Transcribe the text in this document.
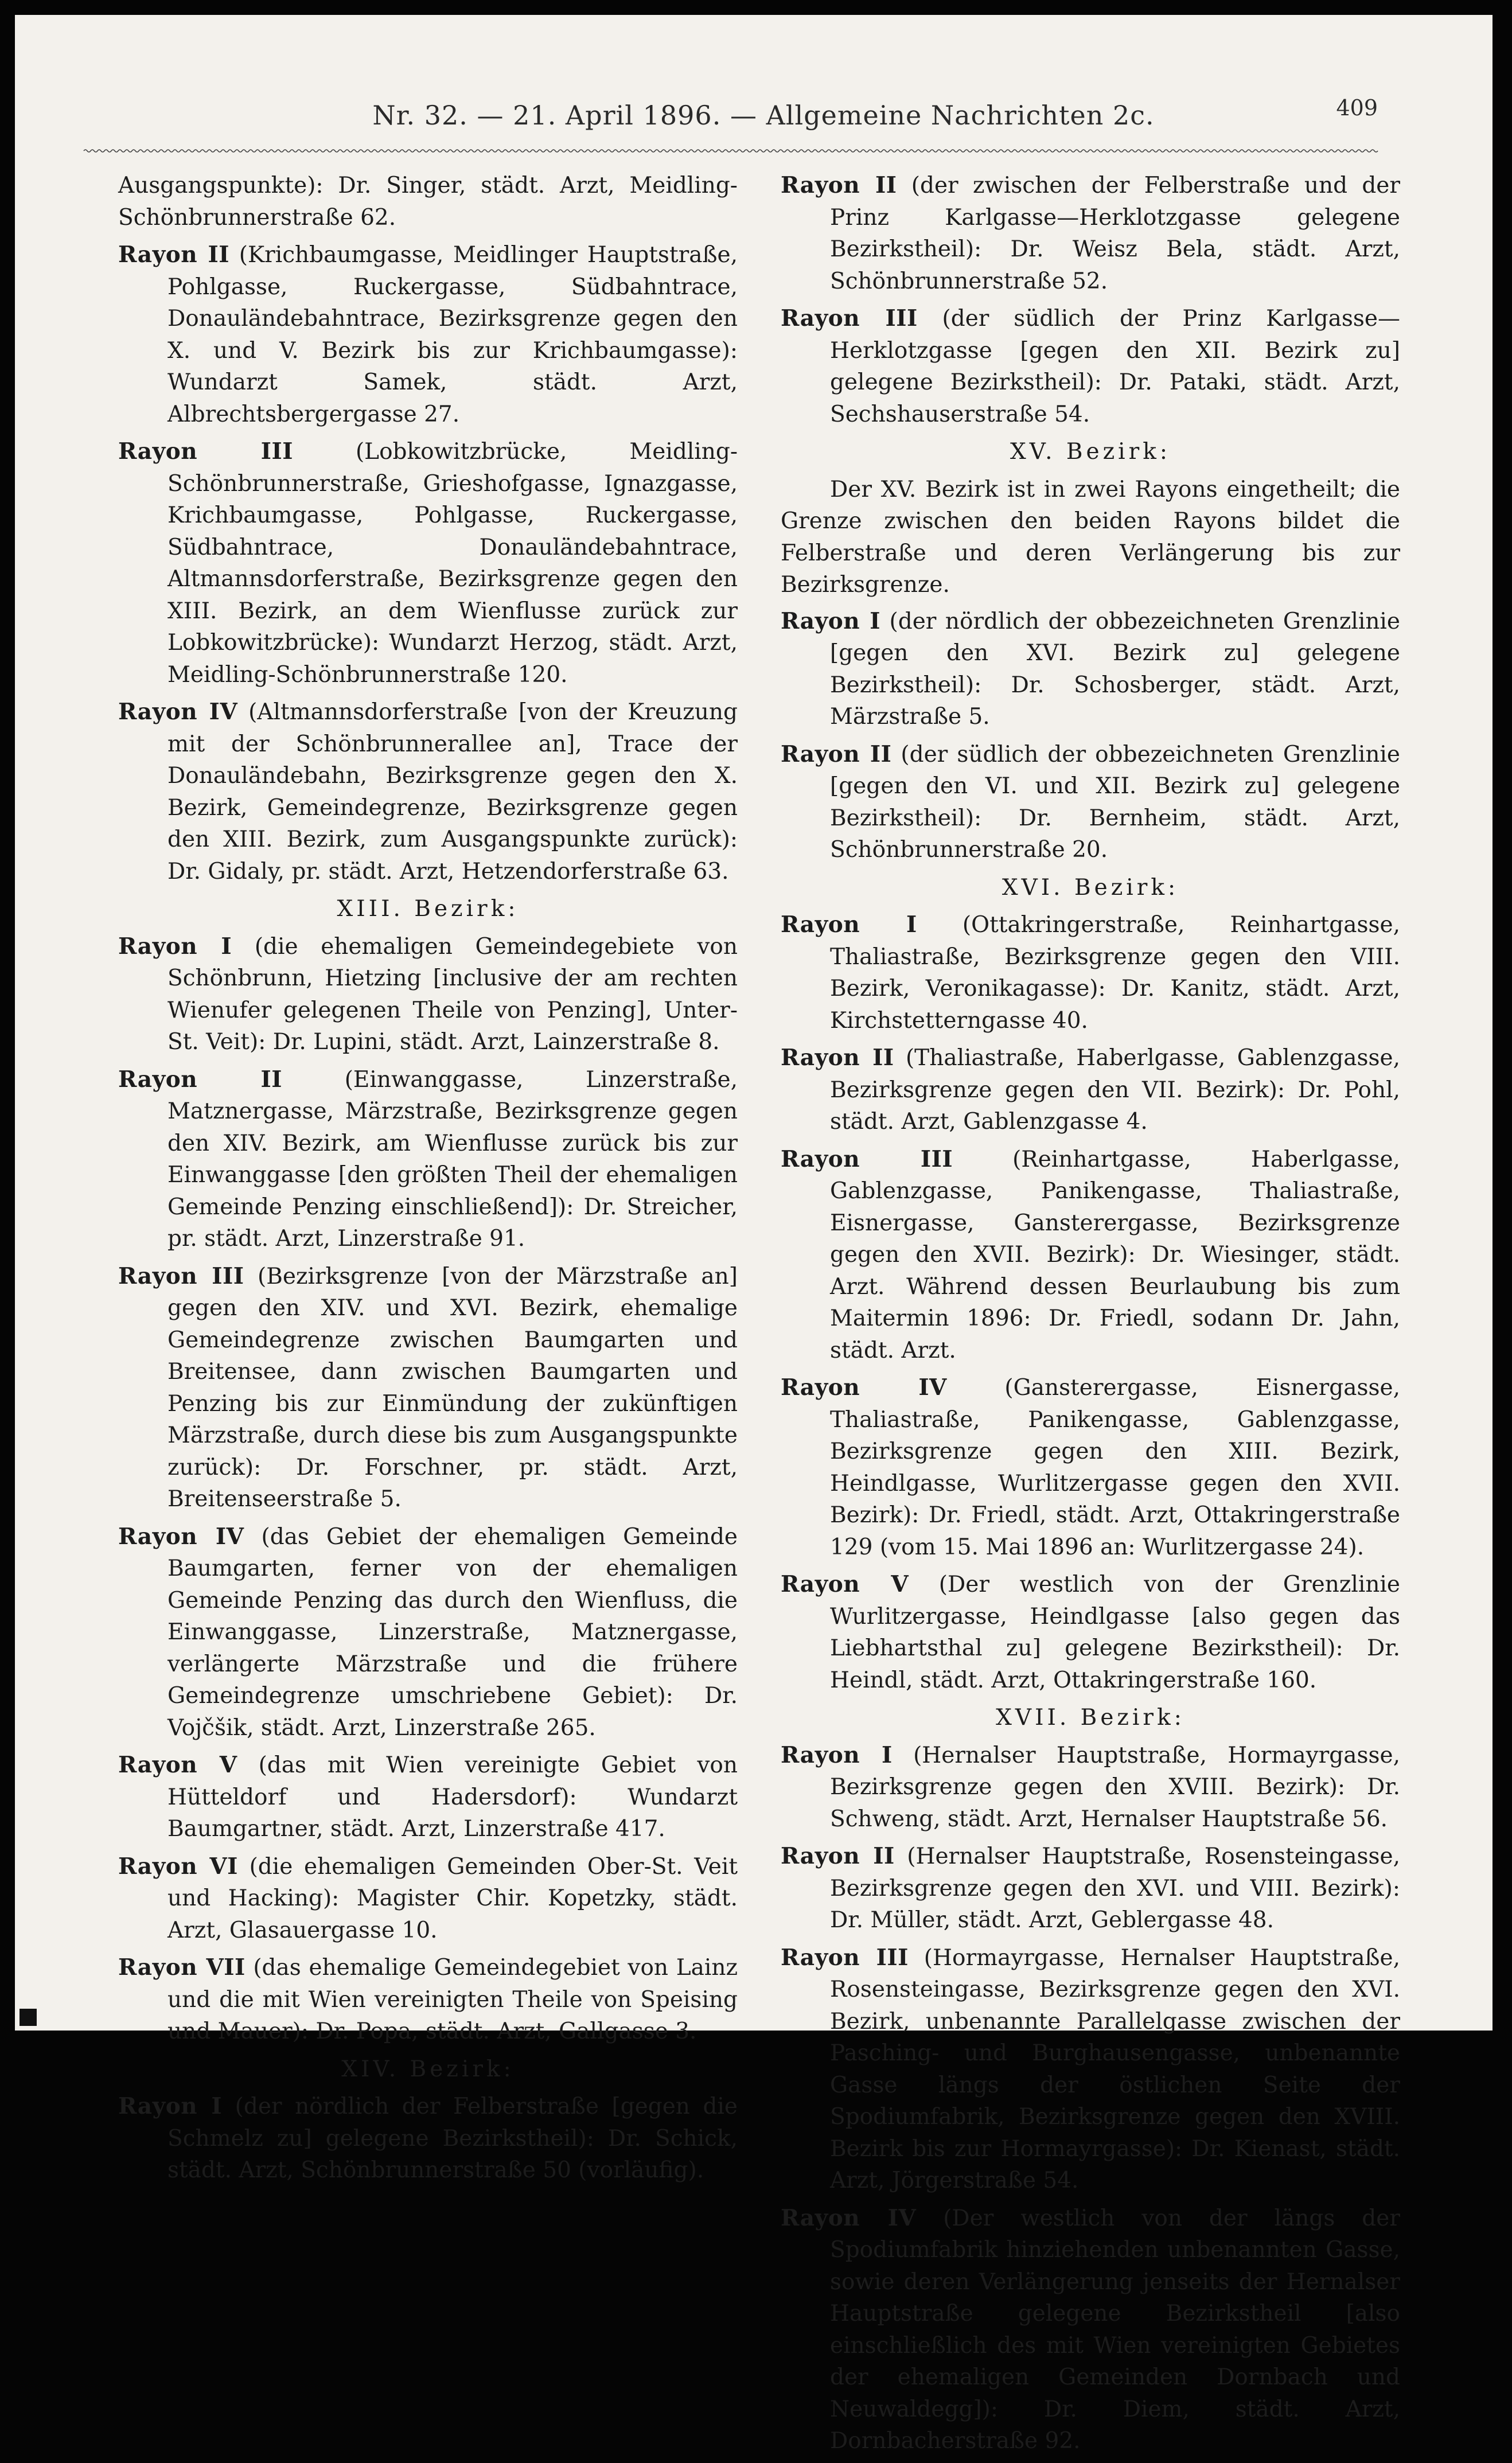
Nr. 32. — 21. April 1896. — Allgemeine Nachrichten 2c.	409
Ausgangspunkte): Dr. Singer, städt. Arzt, Meidling-Schönbrunnerstraße 62.
Rayon II (Krichbaumgasse, Meidlinger Hauptstraße, Pohlgasse, Ruckergasse, Südbahntrace, Donauländebahntrace, Bezirksgrenze gegen den X. und V. Bezirk bis zur Krichbaumgasse): Wundarzt Samek, städt. Arzt, Albrechtsbergergasse 27.
Rayon III	(Lobkowitzbrücke, Meidling-Schönbrunnerstraße, Grieshofgasse, Ignazgasse, Krichbaumgasse, Pohlgasse, Ruckergasse, Südbahntrace, Donauländebahntrace, Altmannsdorferstraße, Bezirksgrenze gegen den XIII. Bezirk, an dem Wienflusse zurück zur Lobkowitzbrücke): Wundarzt Herzog, städt. Arzt, Meidling-Schönbrunnerstraße 120.
Rayon IV (Altmannsdorferstraße [von der Kreuzung mit der Schönbrunnerallee an], Trace der Donauländebahn, Bezirksgrenze gegen den X. Bezirk, Gemeindegrenze, Bezirksgrenze gegen den XIII. Bezirk, zum Ausgangspunkte zurück): Dr. Gidaly, pr. städt. Arzt, Hetzendorferstraße 63.
XIII. Bezirk:
Rayon I (die ehemaligen Gemeindegebiete von Schönbrunn, Hietzing [inclusive der am rechten Wienufer gelegenen Theile von Penzing], Unter-St. Veit): Dr. Lupini, städt. Arzt, Lainzerstraße 8.
Rayon II	(Einwanggasse, Linzerstraße, Matznergasse, Märzstraße, Bezirksgrenze gegen den XIV. Bezirk, am Wienflusse zurück bis zur Einwanggasse [den größten Theil der ehemaligen Gemeinde Penzing einschließend]): Dr. Streicher, pr. städt. Arzt, Linzerstraße 91.
Rayon III (Bezirksgrenze [von der Märzstraße an] gegen den XIV. und XVI. Bezirk, ehemalige Gemeindegrenze zwischen Baumgarten und Breitensee, dann zwischen Baumgarten und Penzing bis zur Einmündung der zukünftigen Märzstraße, durch diese bis zum Ausgangspunkte zurück): Dr. Forschner, pr. städt. Arzt, Breitenseerstraße 5.
Rayon IV (das Gebiet der ehemaligen Gemeinde Baumgarten, ferner von der ehemaligen Gemeinde Penzing das durch den Wienfluss, die Einwanggasse, Linzerstraße, Matznergasse, verlängerte Märzstraße und die frühere Gemeindegrenze umschriebene Gebiet): Dr. Vojčšik, städt. Arzt, Linzerstraße 265.
Rayon V (das mit Wien vereinigte Gebiet von Hütteldorf und Hadersdorf): Wundarzt Baumgartner, städt. Arzt, Linzerstraße 417.
Rayon VI (die ehemaligen Gemeinden Ober-St. Veit und Hacking): Magister Chir. Kopetzky, städt. Arzt, Glasauergasse 10.
Rayon VII (das ehemalige Gemeindegebiet von Lainz und die mit Wien vereinigten Theile von Speising und Mauer): Dr. Popa, städt. Arzt, Gallgasse 3.
XIV. Bezirk:
Rayon I (der nördlich der Felberstraße [gegen die Schmelz zu] gelegene Bezirkstheil): Dr. Schick, städt. Arzt, Schönbrunnerstraße 50 (vorläufig).
Rayon II (der zwischen der Felberstraße und der Prinz Karlgasse—Herklotzgasse gelegene Bezirkstheil): Dr. Weisz Bela, städt. Arzt, Schönbrunnerstraße 52.
Rayon III (der südlich der Prinz Karlgasse—Herklotzgasse [gegen den XII. Bezirk zu] gelegene Bezirkstheil): Dr. Pataki, städt. Arzt, Sechshauserstraße 54.
XV. Bezirk:
Der XV. Bezirk ist in zwei Rayons eingetheilt; die Grenze zwischen den beiden Rayons bildet die Felberstraße und deren Verlängerung bis zur Bezirksgrenze.
Rayon I (der nördlich der obbezeichneten Grenzlinie [gegen den XVI. Bezirk zu] gelegene Bezirkstheil): Dr. Schosberger, städt. Arzt, Märzstraße 5.
Rayon II (der südlich der obbezeichneten Grenzlinie [gegen den VI. und XII. Bezirk zu] gelegene Bezirkstheil): Dr. Bernheim, städt. Arzt, Schönbrunnerstraße 20.
XVI. Bezirk:
Rayon I (Ottakringerstraße, Reinhartgasse, Thaliastraße, Bezirksgrenze gegen den VIII. Bezirk, Veronikagasse): Dr. Kanitz, städt. Arzt, Kirchstetterngasse 40.
Rayon II (Thaliastraße, Haberlgasse, Gablenzgasse, Bezirksgrenze gegen den VII. Bezirk): Dr. Pohl, städt. Arzt, Gablenzgasse 4.
Rayon III	(Reinhartgasse, Haberlgasse, Gablenzgasse, Panikengasse, Thaliastraße, Eisnergasse, Gansterergasse, Bezirksgrenze gegen den XVII. Bezirk): Dr. Wiesinger, städt. Arzt. Während dessen Beurlaubung bis zum Maitermin 1896: Dr. Friedl, sodann Dr. Jahn, städt. Arzt.
Rayon IV	(Gansterergasse, Eisnergasse, Thaliastraße, Panikengasse, Gablenzgasse, Bezirksgrenze gegen den XIII. Bezirk, Heindlgasse, Wurlitzergasse gegen den XVII. Bezirk): Dr. Friedl, städt. Arzt, Ottakringerstraße 129 (vom 15. Mai 1896 an: Wurlitzergasse 24).
Rayon V (Der westlich von der Grenzlinie Wurlitzergasse, Heindlgasse [also gegen das Liebhartsthal zu] gelegene Bezirkstheil): Dr. Heindl, städt. Arzt, Ottakringerstraße 160.
XVII. Bezirk:
Rayon I (Hernalser Hauptstraße, Hormayrgasse, Bezirksgrenze gegen den XVIII. Bezirk): Dr. Schweng, städt. Arzt, Hernalser Hauptstraße 56.
Rayon II (Hernalser Hauptstraße, Rosensteingasse, Bezirksgrenze gegen den XVI. und VIII. Bezirk): Dr. Müller, städt. Arzt, Geblergasse 48.
Rayon III (Hormayrgasse, Hernalser Hauptstraße, Rosensteingasse, Bezirksgrenze gegen den XVI. Bezirk, unbenannte Parallelgasse zwischen der Pasching- und Burghausengasse, unbenannte Gasse längs der östlichen Seite der Spodiumfabrik, Bezirksgrenze gegen den XVIII. Bezirk bis zur Hormayrgasse): Dr. Kienast, städt. Arzt, Jörgerstraße 54.
Rayon IV (Der westlich von der längs der Spodiumfabrik hinziehenden unbenannten Gasse, sowie deren Verlängerung jenseits der Hernalser Hauptstraße gelegene Bezirkstheil [also einschließlich des mit Wien vereinigten Gebietes der ehemaligen Gemeinden Dornbach und Neuwaldegg]): Dr. Diem, städt. Arzt, Dornbacherstraße 92.
